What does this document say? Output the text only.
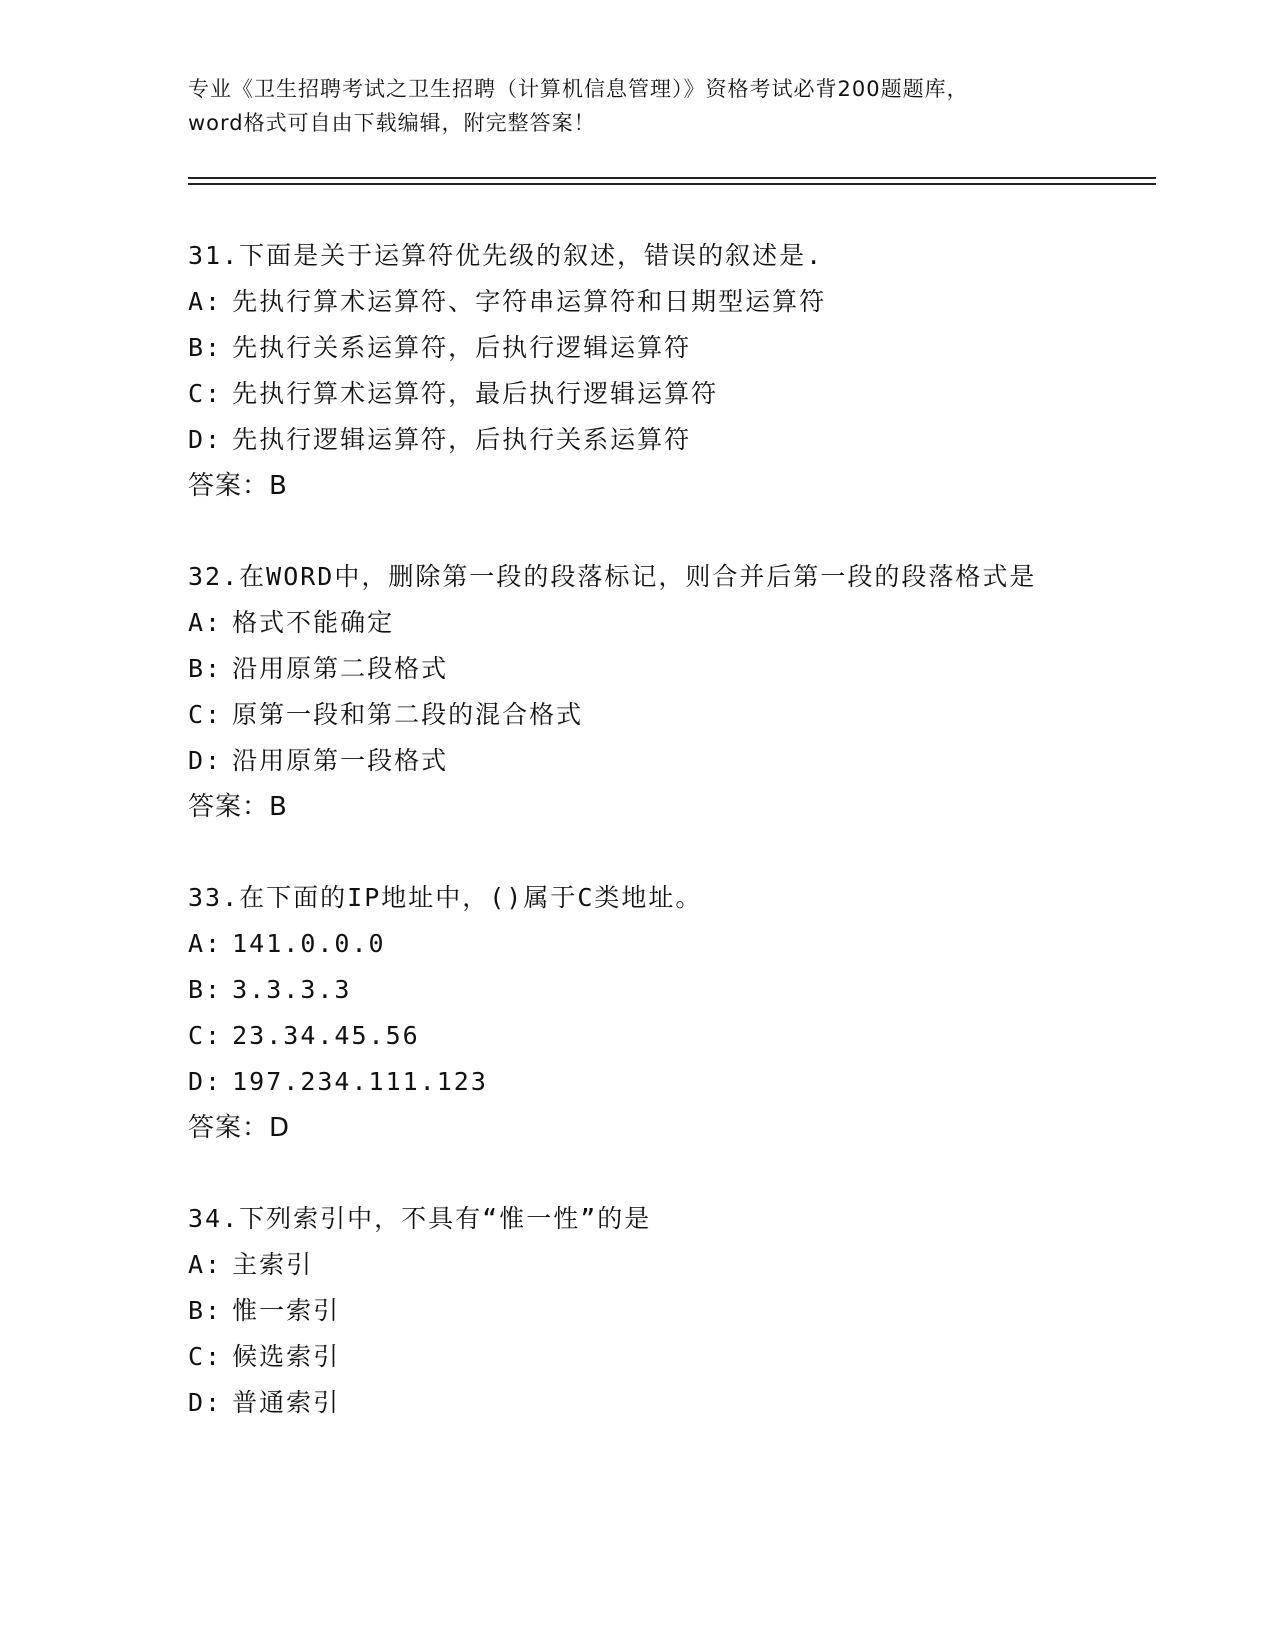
专业《卫生招聘考试之卫生招聘（计算机信息管理）》资格考试必背200题题库，
word格式可自由下载编辑，附完整答案！
31.下面是关于运算符优先级的叙述，错误的叙述是.
A: 先执行算术运算符、字符串运算符和日期型运算符
B: 先执行关系运算符，后执行逻辑运算符
C: 先执行算术运算符，最后执行逻辑运算符
D: 先执行逻辑运算符，后执行关系运算符
答案：B
32.在WORD中，删除第一段的段落标记，则合并后第一段的段落格式是
A: 格式不能确定
B: 沿用原第二段格式
C: 原第一段和第二段的混合格式
D: 沿用原第一段格式
答案：B
33.在下面的IP地址中，()属于C类地址。
A: 141.0.0.0
B: 3.3.3.3
C: 23.34.45.56
D: 197.234.111.123
答案：D
34.下列索引中，不具有“惟一性”的是
A: 主索引
B: 惟一索引
C: 候选索引
D: 普通索引
